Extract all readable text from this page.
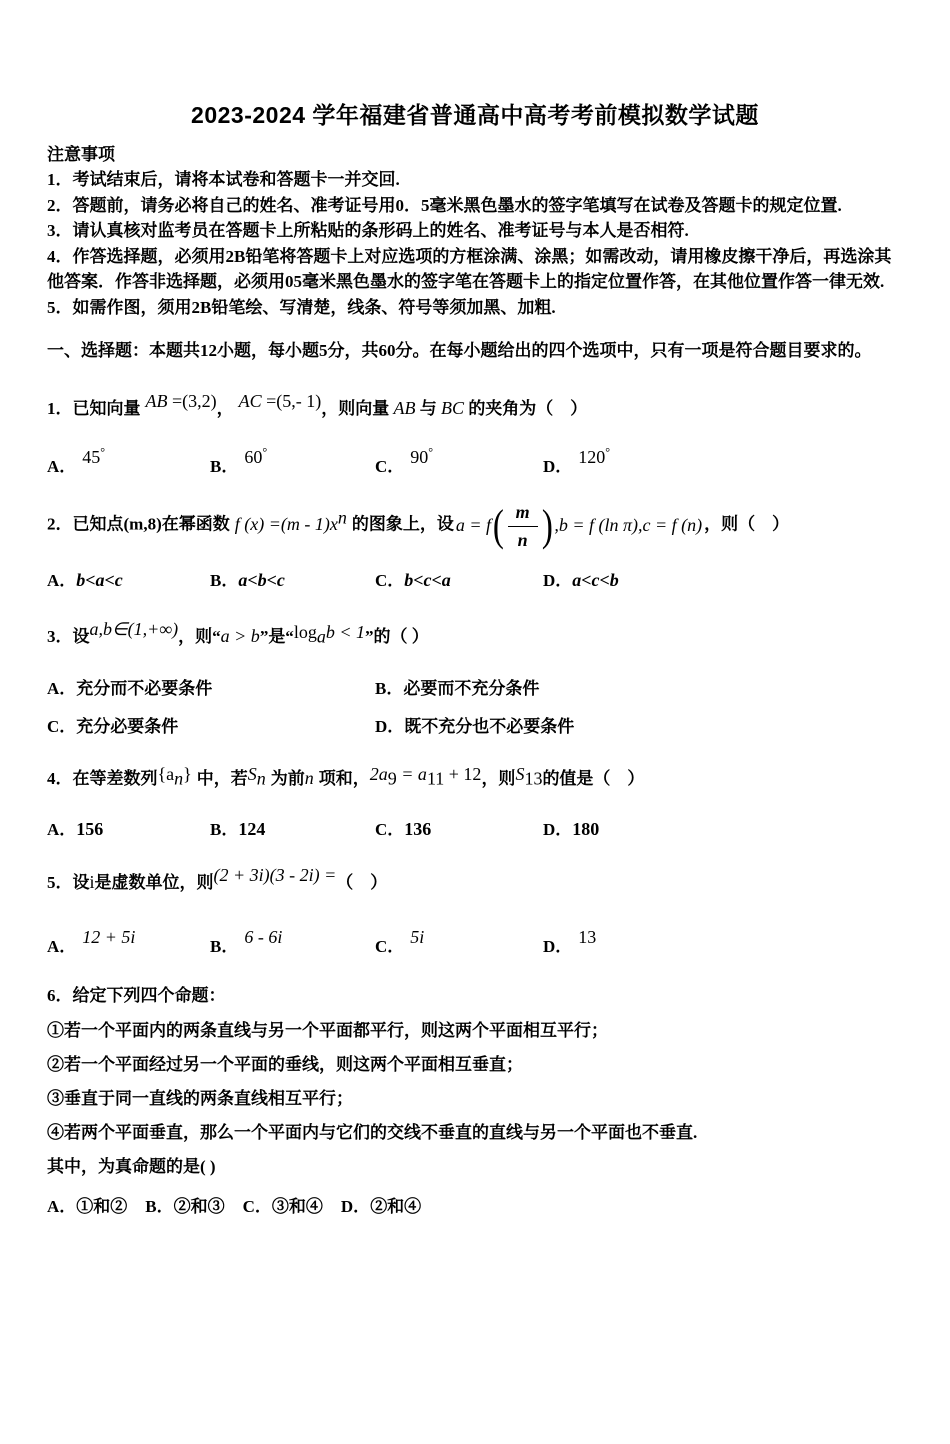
2023-2024 学年福建省普通高中高考考前模拟数学试题
注意事项
1．考试结束后，请将本试卷和答题卡一并交回.
2．答题前，请务必将自己的姓名、准考证号用0．5毫米黑色墨水的签字笔填写在试卷及答题卡的规定位置.
3．请认真核对监考员在答题卡上所粘贴的条形码上的姓名、准考证号与本人是否相符.
4．作答选择题，必须用2B铅笔将答题卡上对应选项的方框涂满、涂黑；如需改动，请用橡皮擦干净后，再选涂其他答案．作答非选择题，必须用05毫米黑色墨水的签字笔在答题卡上的指定位置作答，在其他位置作答一律无效.
5．如需作图，须用2B铅笔绘、写清楚，线条、符号等须加黑、加粗.
一、选择题：本题共12小题，每小题5分，共60分。在每小题给出的四个选项中，只有一项是符合题目要求的。
1．已知向量 AB =(3,2)， AC =(5,- 1)，则向量 AB 与 BC 的夹角为（　）
A． 45°
B． 60°
C． 90°
D． 120°
2．已知点(m,8)在幂函数 f $(x) =(m - 1)x^n$ 的图象上，设 a = f ( $\frac{m}{n}$ ) ,b = f (ln π),c = f (n) ，则（　）
A．b<a<c	B．a<b<c	C．b<c<a	D．a<c<b
3．设a,b∈(1,+∞)，则“a > b”是“$\log_ab < 1$”的（ ）
A．充分而不必要条件	B．必要而不充分条件
C．充分必要条件	D．既不充分也不必要条件
4．在等差数列$\{a_n\}$ 中，若$S_n$ 为前n 项和，$2a_9 = a_{11} + 12$，则$S_{13}$的值是（　）
A．156	B．124	C．136	D．180
5．设i是虚数单位，则(2 + 3i)(3 - 2i) =（　）
A． 12 + 5i	B． 6 - 6i	C． 5i	D． 13
6．给定下列四个命题：
①若一个平面内的两条直线与另一个平面都平行，则这两个平面相互平行；
②若一个平面经过另一个平面的垂线，则这两个平面相互垂直；
③垂直于同一直线的两条直线相互平行；
④若两个平面垂直，那么一个平面内与它们的交线不垂直的直线与另一个平面也不垂直.
其中，为真命题的是( )
A．①和② B．②和③ C．③和④ D．②和④
